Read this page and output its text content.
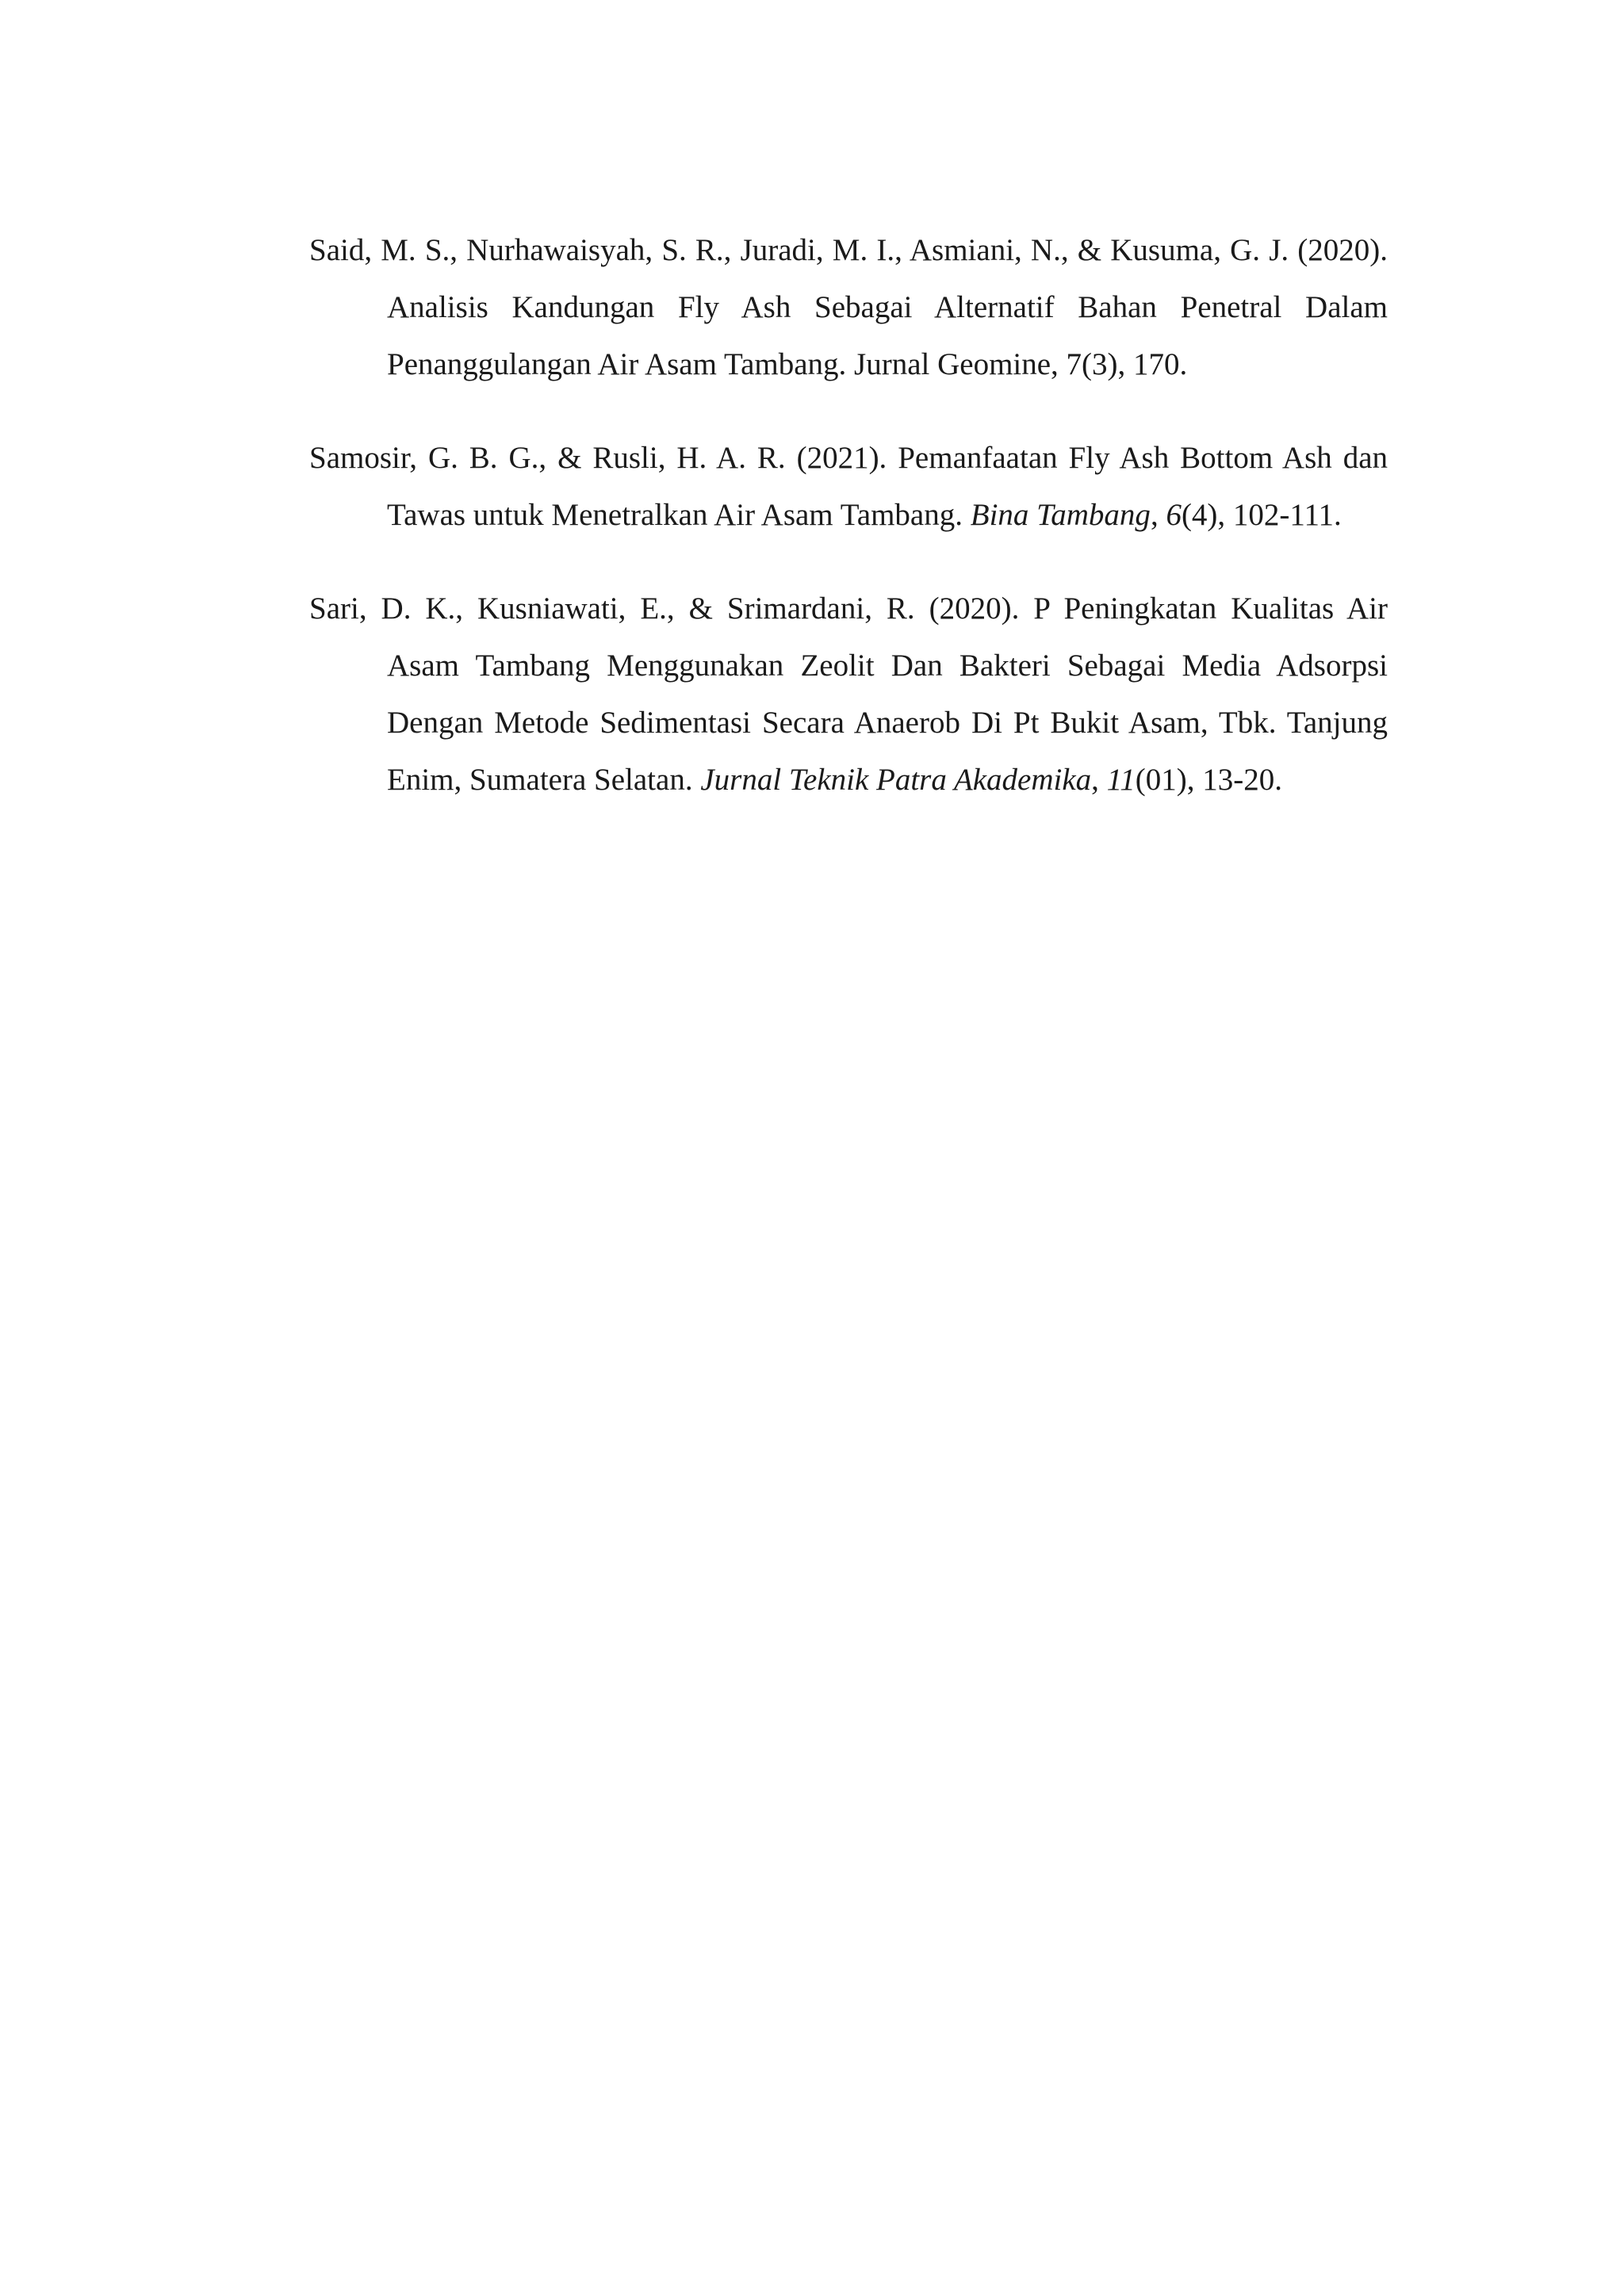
Said, M. S., Nurhawaisyah, S. R., Juradi, M. I., Asmiani, N., & Kusuma, G. J. (2020). Analisis Kandungan Fly Ash Sebagai Alternatif Bahan Penetral Dalam Penanggulangan Air Asam Tambang. Jurnal Geomine, 7(3), 170.

Samosir, G. B. G., & Rusli, H. A. R. (2021). Pemanfaatan Fly Ash Bottom Ash dan Tawas untuk Menetralkan Air Asam Tambang. Bina Tambang, 6(4), 102-111.

Sari, D. K., Kusniawati, E., & Srimardani, R. (2020). P Peningkatan Kualitas Air Asam Tambang Menggunakan Zeolit Dan Bakteri Sebagai Media Adsorpsi Dengan Metode Sedimentasi Secara Anaerob Di Pt Bukit Asam, Tbk. Tanjung Enim, Sumatera Selatan. Jurnal Teknik Patra Akademika, 11(01), 13-20.
